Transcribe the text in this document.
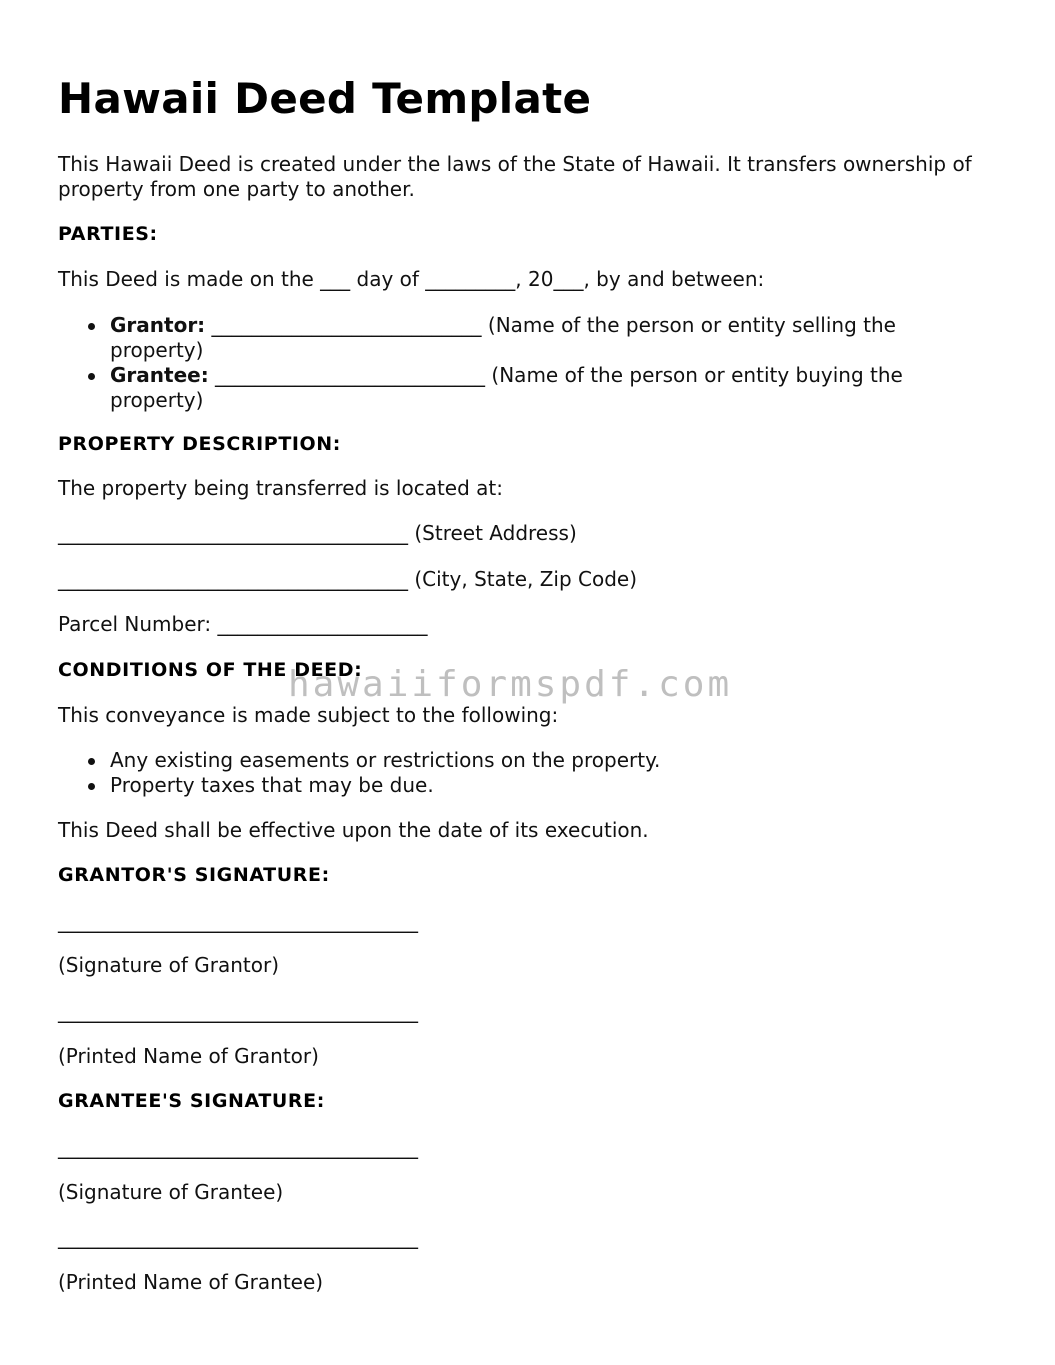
Hawaii Deed Template

This Hawaii Deed is created under the laws of the State of Hawaii. It transfers ownership of property from one party to another.

PARTIES:

This Deed is made on the ___ day of _________, 20___, by and between:

Grantor: ___________________________ (Name of the person or entity selling the property)
Grantee: ___________________________ (Name of the person or entity buying the property)

PROPERTY DESCRIPTION:

The property being transferred is located at:

___________________________________ (Street Address)

___________________________________ (City, State, Zip Code)

Parcel Number: _____________________

CONDITIONS OF THE DEED:

This conveyance is made subject to the following:

Any existing easements or restrictions on the property.
Property taxes that may be due.

This Deed shall be effective upon the date of its execution.

GRANTOR'S SIGNATURE:

____________________________________

(Signature of Grantor)

____________________________________

(Printed Name of Grantor)

GRANTEE'S SIGNATURE:

____________________________________

(Signature of Grantee)

____________________________________

(Printed Name of Grantee)

hawaiiformspdf.com
